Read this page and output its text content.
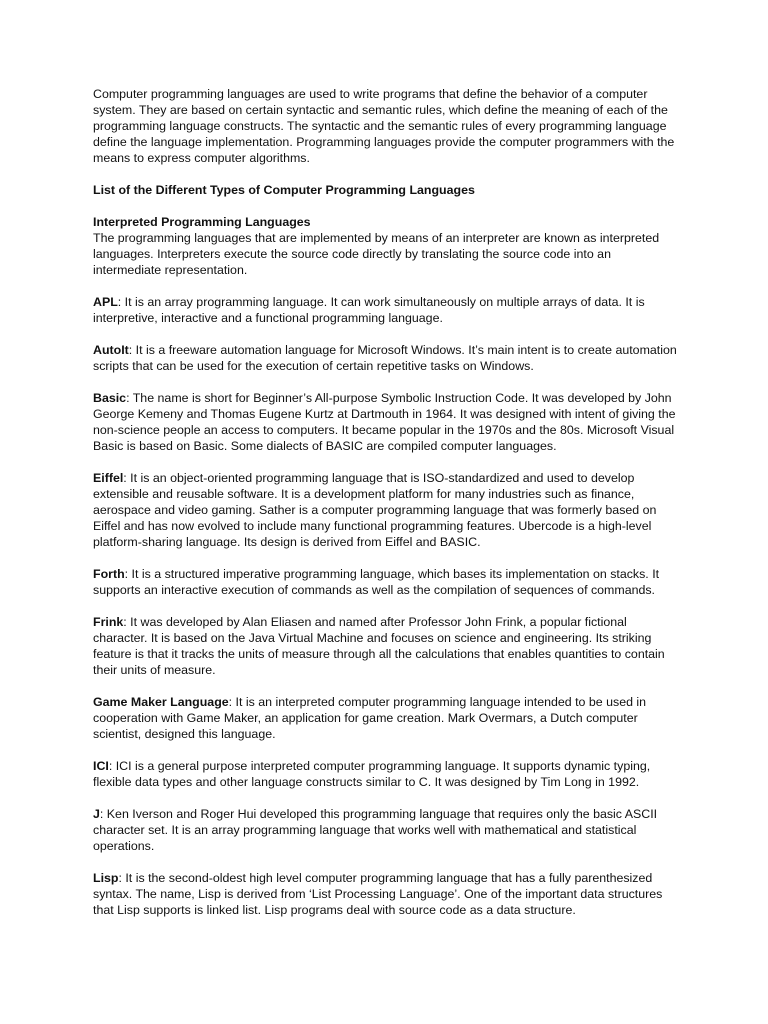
Computer programming languages are used to write programs that define the behavior of a computer system. They are based on certain syntactic and semantic rules, which define the meaning of each of the programming language constructs. The syntactic and the semantic rules of every programming language define the language implementation. Programming languages provide the computer programmers with the means to express computer algorithms.

List of the Different Types of Computer Programming Languages

Interpreted Programming Languages
The programming languages that are implemented by means of an interpreter are known as interpreted languages. Interpreters execute the source code directly by translating the source code into an intermediate representation.

APL: It is an array programming language. It can work simultaneously on multiple arrays of data. It is interpretive, interactive and a functional programming language.

AutoIt: It is a freeware automation language for Microsoft Windows. It’s main intent is to create automation scripts that can be used for the execution of certain repetitive tasks on Windows.

Basic: The name is short for Beginner’s All-purpose Symbolic Instruction Code. It was developed by John George Kemeny and Thomas Eugene Kurtz at Dartmouth in 1964. It was designed with intent of giving the non-science people an access to computers. It became popular in the 1970s and the 80s. Microsoft Visual Basic is based on Basic. Some dialects of BASIC are compiled computer languages.

Eiffel: It is an object-oriented programming language that is ISO-standardized and used to develop extensible and reusable software. It is a development platform for many industries such as finance, aerospace and video gaming. Sather is a computer programming language that was formerly based on Eiffel and has now evolved to include many functional programming features. Ubercode is a high-level platform-sharing language. Its design is derived from Eiffel and BASIC.

Forth: It is a structured imperative programming language, which bases its implementation on stacks. It supports an interactive execution of commands as well as the compilation of sequences of commands.

Frink: It was developed by Alan Eliasen and named after Professor John Frink, a popular fictional character. It is based on the Java Virtual Machine and focuses on science and engineering. Its striking feature is that it tracks the units of measure through all the calculations that enables quantities to contain their units of measure.

Game Maker Language: It is an interpreted computer programming language intended to be used in cooperation with Game Maker, an application for game creation. Mark Overmars, a Dutch computer scientist, designed this language.

ICI: ICI is a general purpose interpreted computer programming language. It supports dynamic typing, flexible data types and other language constructs similar to C. It was designed by Tim Long in 1992.

J: Ken Iverson and Roger Hui developed this programming language that requires only the basic ASCII character set. It is an array programming language that works well with mathematical and statistical operations.

Lisp: It is the second-oldest high level computer programming language that has a fully parenthesized syntax. The name, Lisp is derived from ‘List Processing Language’. One of the important data structures that Lisp supports is linked list. Lisp programs deal with source code as a data structure.
